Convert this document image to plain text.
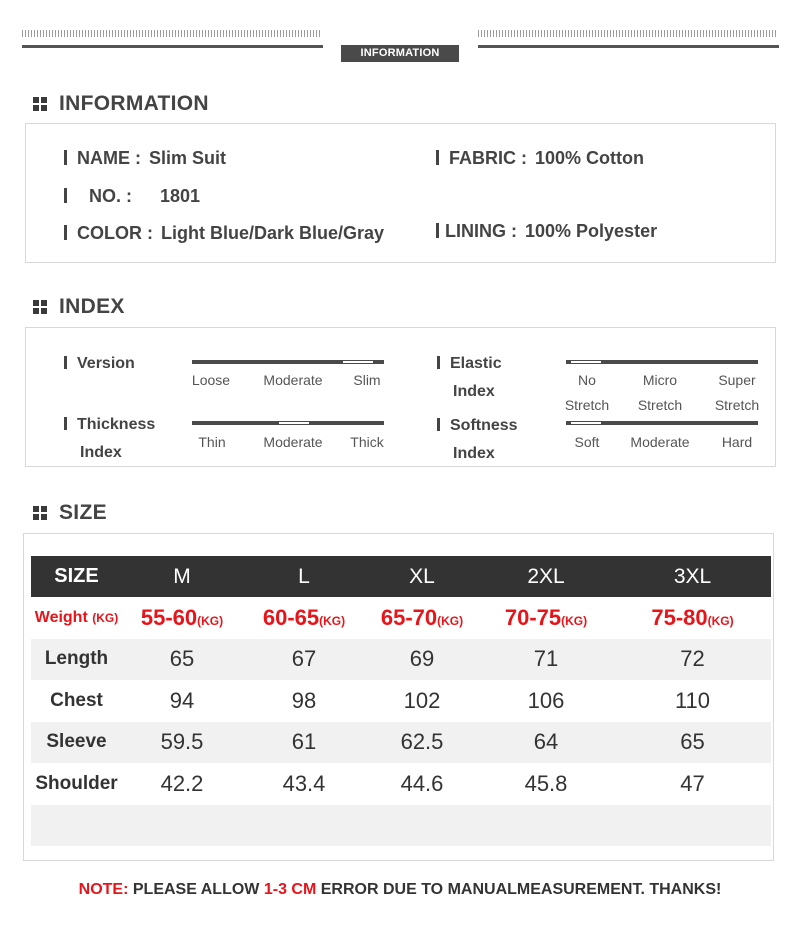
INFORMATION
INFORMATION
NAME : Slim Suit
NO. : 1801
COLOR : Light Blue/Dark Blue/Gray
FABRIC : 100% Cotton
LINING : 100% Polyester
INDEX
Version
Loose	Moderate	Slim
Thickness
Index
Thin	Moderate	Thick
Elastic
Index
No
Stretch
Micro
Stretch
Super
Stretch
Softness
Index
Soft	Moderate	Hard
SIZE
SIZE	M	L	XL	2XL	3XL
Weight (KG)	55-60(KG)	60-65(KG)	65-70(KG)	70-75(KG)	75-80(KG)
Length	65	67	69	71	72
Chest	94	98	102	106	110
Sleeve	59.5	61	62.5	64	65
Shoulder	42.2	43.4	44.6	45.8	47

NOTE: PLEASE ALLOW 1-3 CM ERROR DUE TO MANUALMEASUREMENT. THANKS!
